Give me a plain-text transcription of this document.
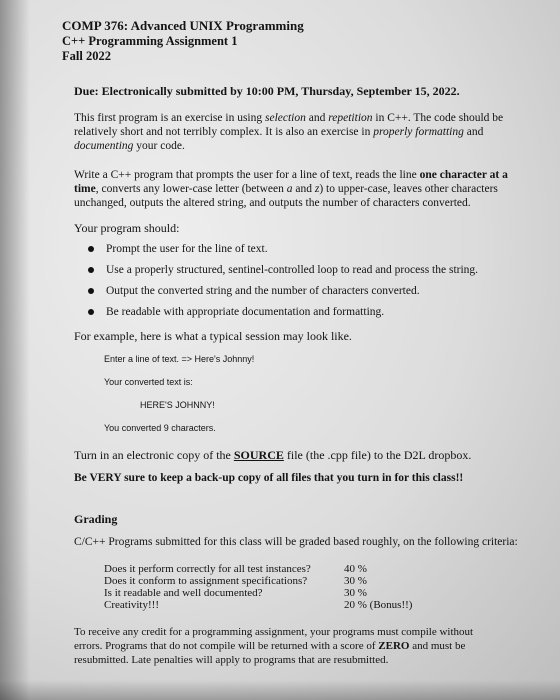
COMP 376: Advanced UNIX Programming
C++ Programming Assignment 1
Fall 2022
Due: Electronically submitted by 10:00 PM, Thursday, September 15, 2022.
This first program is an exercise in using selection and repetition in C++. The code should be
relatively short and not terribly complex. It is also an exercise in properly formatting and
documenting your code.
Write a C++ program that prompts the user for a line of text, reads the line one character at a
time, converts any lower-case letter (between a and z) to upper-case, leaves other characters
unchanged, outputs the altered string, and outputs the number of characters converted.
Your program should:
Prompt the user for the line of text.
Use a properly structured, sentinel-controlled loop to read and process the string.
Output the converted string and the number of characters converted.
Be readable with appropriate documentation and formatting.
For example, here is what a typical session may look like.
Enter a line of text. => Here's Johnny!
Your converted text is:
HERE'S JOHNNY!
You converted 9 characters.
Turn in an electronic copy of the SOURCE file (the .cpp file) to the D2L dropbox.
Be VERY sure to keep a back-up copy of all files that you turn in for this class!!
Grading
C/C++ Programs submitted for this class will be graded based roughly, on the following criteria:
Does it perform correctly for all test instances?	40 %
Does it conform to assignment specifications?	30 %
Is it readable and well documented?	30 %
Creativity!!!	20 % (Bonus!!)
To receive any credit for a programming assignment, your programs must compile without
errors. Programs that do not compile will be returned with a score of ZERO and must be
resubmitted. Late penalties will apply to programs that are resubmitted.
